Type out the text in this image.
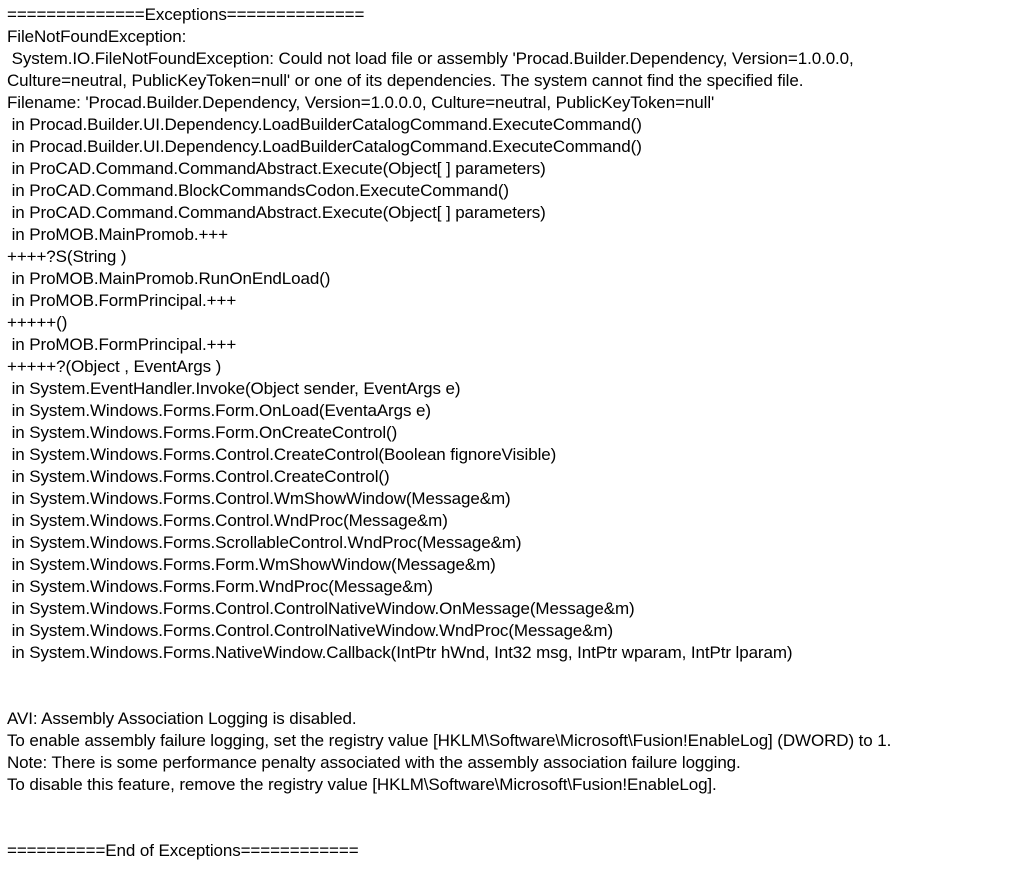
==============Exceptions==============
FileNotFoundException:
System.IO.FileNotFoundException: Could not load file or assembly 'Procad.Builder.Dependency, Version=1.0.0.0,
Culture=neutral, PublicKeyToken=null' or one of its dependencies. The system cannot find the specified file.
Filename: 'Procad.Builder.Dependency, Version=1.0.0.0, Culture=neutral, PublicKeyToken=null'
in Procad.Builder.UI.Dependency.LoadBuilderCatalogCommand.ExecuteCommand()
in Procad.Builder.UI.Dependency.LoadBuilderCatalogCommand.ExecuteCommand()
in ProCAD.Command.CommandAbstract.Execute(Object[ ] parameters)
in ProCAD.Command.BlockCommandsCodon.ExecuteCommand()
in ProCAD.Command.CommandAbstract.Execute(Object[ ] parameters)
in ProMOB.MainPromob.+++
++++?S(String )
in ProMOB.MainPromob.RunOnEndLoad()
in ProMOB.FormPrincipal.+++
+++++()
in ProMOB.FormPrincipal.+++
+++++?(Object , EventArgs )
in System.EventHandler.Invoke(Object sender, EventArgs e)
in System.Windows.Forms.Form.OnLoad(EventaArgs e)
in System.Windows.Forms.Form.OnCreateControl()
in System.Windows.Forms.Control.CreateControl(Boolean fignoreVisible)
in System.Windows.Forms.Control.CreateControl()
in System.Windows.Forms.Control.WmShowWindow(Message&m)
in System.Windows.Forms.Control.WndProc(Message&m)
in System.Windows.Forms.ScrollableControl.WndProc(Message&m)
in System.Windows.Forms.Form.WmShowWindow(Message&m)
in System.Windows.Forms.Form.WndProc(Message&m)
in System.Windows.Forms.Control.ControlNativeWindow.OnMessage(Message&m)
in System.Windows.Forms.Control.ControlNativeWindow.WndProc(Message&m)
in System.Windows.Forms.NativeWindow.Callback(IntPtr hWnd, Int32 msg, IntPtr wparam, IntPtr lparam)
AVI: Assembly Association Logging is disabled.
To enable assembly failure logging, set the registry value [HKLM\Software\Microsoft\Fusion!EnableLog] (DWORD) to 1.
Note: There is some performance penalty associated with the assembly association failure logging.
To disable this feature, remove the registry value [HKLM\Software\Microsoft\Fusion!EnableLog].
==========End of Exceptions============
